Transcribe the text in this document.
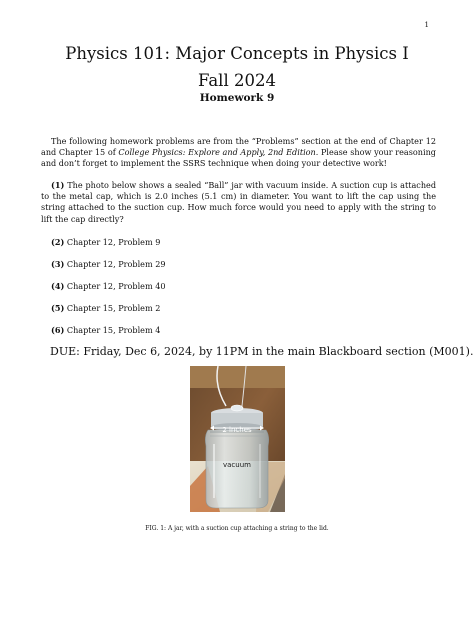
1
Physics 101: Major Concepts in Physics I
Fall 2024
Homework 9
The following homework problems are from the “Problems” section at the end of Chapter 12 and Chapter 15 of College Physics: Explore and Apply, 2nd Edition. Please show your reasoning and don’t forget to implement the SSRS technique when doing your detective work!
(1) The photo below shows a sealed “Ball” jar with vacuum inside. A suction cup is attached to the metal cap, which is 2.0 inches (5.1 cm) in diameter. You want to lift the cap using the string attached to the suction cup. How much force would you need to apply with the string to lift the cap directly?
(2) Chapter 12, Problem 9
(3) Chapter 12, Problem 29
(4) Chapter 12, Problem 40
(5) Chapter 15, Problem 2
(6) Chapter 15, Problem 4
DUE: Friday, Dec 6, 2024, by 11PM in the main Blackboard section (M001).
2 inches
vacuum
FIG. 1: A jar, with a suction cup attaching a string to the lid.
